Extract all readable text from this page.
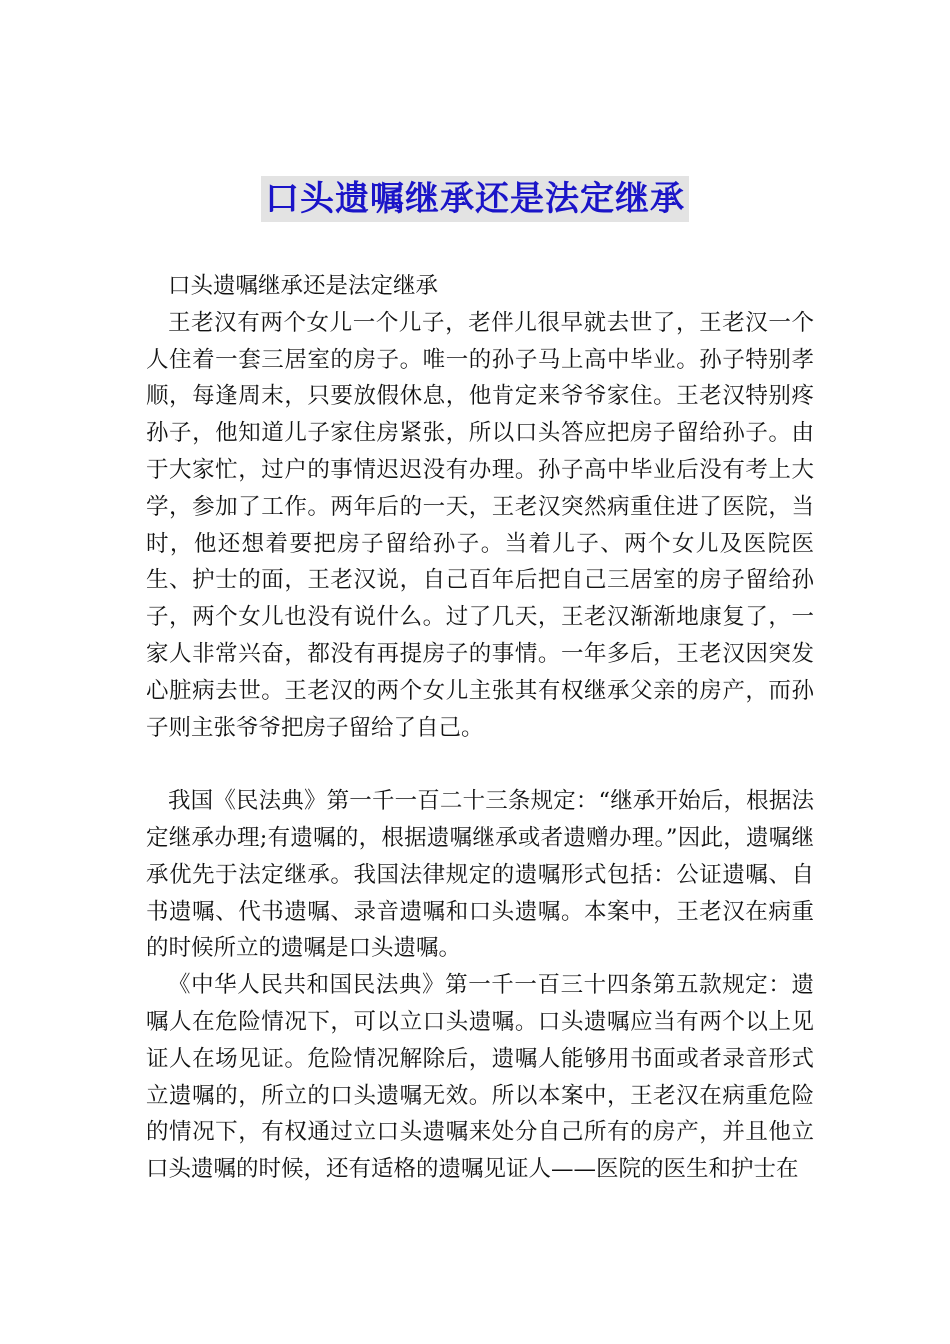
口头遗嘱继承还是法定继承

口头遗嘱继承还是法定继承

王老汉有两个女儿一个儿子，老伴儿很早就去世了，王老汉一个人住着一套三居室的房子。唯一的孙子马上高中毕业。孙子特别孝顺，每逢周末，只要放假休息，他肯定来爷爷家住。王老汉特别疼孙子，他知道儿子家住房紧张，所以口头答应把房子留给孙子。由于大家忙，过户的事情迟迟没有办理。孙子高中毕业后没有考上大学，参加了工作。两年后的一天，王老汉突然病重住进了医院，当时，他还想着要把房子留给孙子。当着儿子、两个女儿及医院医生、护士的面，王老汉说，自己百年后把自己三居室的房子留给孙子，两个女儿也没有说什么。过了几天，王老汉渐渐地康复了，一家人非常兴奋，都没有再提房子的事情。一年多后，王老汉因突发心脏病去世。王老汉的两个女儿主张其有权继承父亲的房产，而孙子则主张爷爷把房子留给了自己。

我国《民法典》第一千一百二十三条规定：“继承开始后，根据法定继承办理;有遗嘱的，根据遗嘱继承或者遗赠办理。”因此，遗嘱继承优先于法定继承。我国法律规定的遗嘱形式包括：公证遗嘱、自书遗嘱、代书遗嘱、录音遗嘱和口头遗嘱。本案中，王老汉在病重的时候所立的遗嘱是口头遗嘱。

《中华人民共和国民法典》第一千一百三十四条第五款规定：遗嘱人在危险情况下，可以立口头遗嘱。口头遗嘱应当有两个以上见证人在场见证。危险情况解除后，遗嘱人能够用书面或者录音形式立遗嘱的，所立的口头遗嘱无效。所以本案中，王老汉在病重危险的情况下，有权通过立口头遗嘱来处分自己所有的房产，并且他立口头遗嘱的时候，还有适格的遗嘱见证人——医院的医生和护士在
